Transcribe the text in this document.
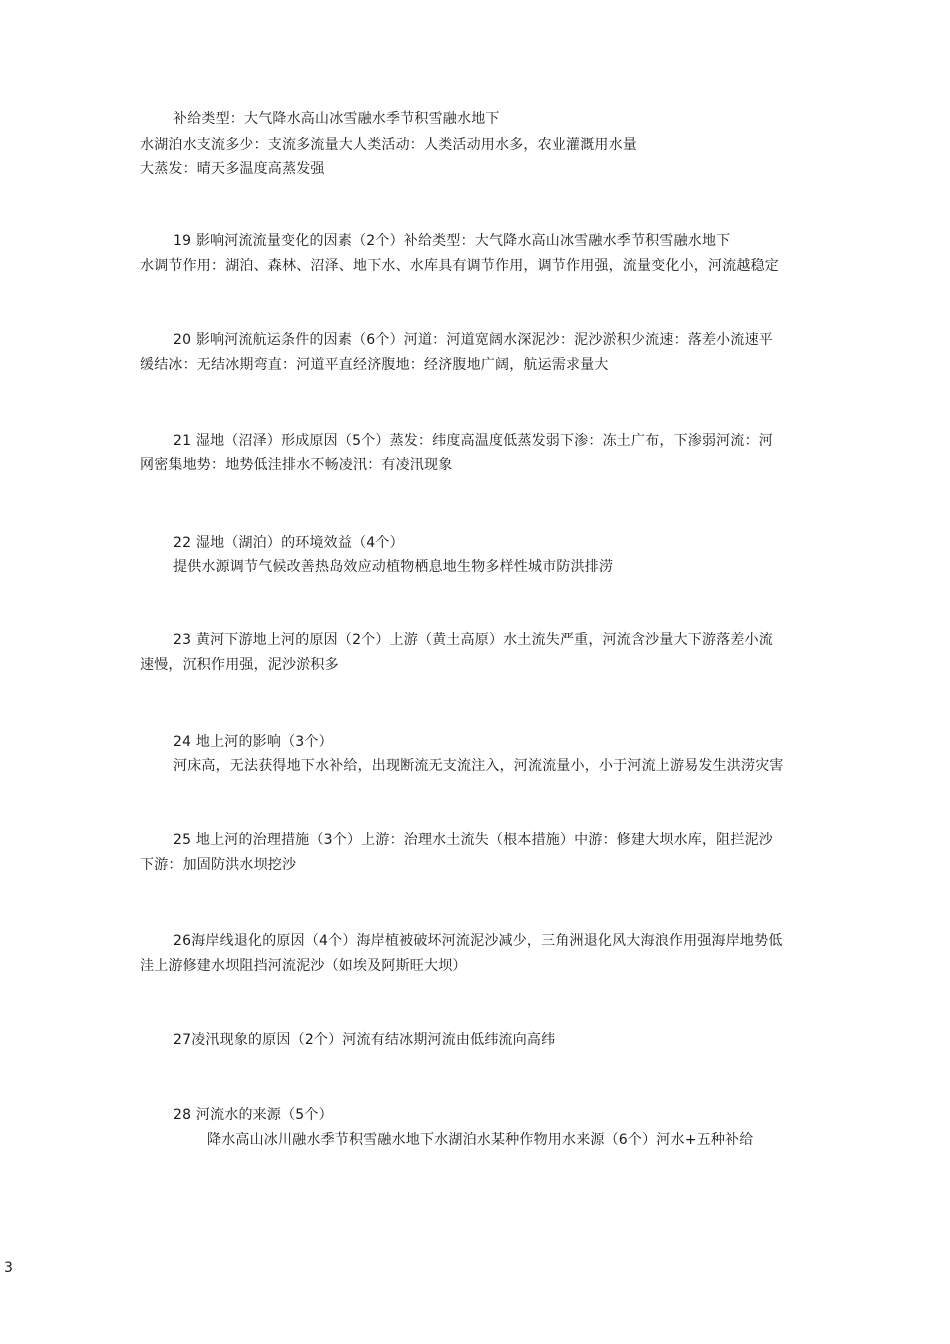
补给类型：大气降水高山冰雪融水季节积雪融水地下
水湖泊水支流多少：支流多流量大人类活动：人类活动用水多，农业灌溉用水量
大蒸发：晴天多温度高蒸发强
19 影响河流流量变化的因素（2个）补给类型：大气降水高山冰雪融水季节积雪融水地下
水调节作用：湖泊、森林、沼泽、地下水、水库具有调节作用，调节作用强，流量变化小，河流越稳定
20 影响河流航运条件的因素（6个）河道：河道宽阔水深泥沙：泥沙淤积少流速：落差小流速平
缓结冰：无结冰期弯直：河道平直经济腹地：经济腹地广阔，航运需求量大
21 湿地（沼泽）形成原因（5个）蒸发：纬度高温度低蒸发弱下渗：冻土广布，下渗弱河流：河
网密集地势：地势低洼排水不畅凌汛：有凌汛现象
22 湿地（湖泊）的环境效益（4个）
提供水源调节气候改善热岛效应动植物栖息地生物多样性城市防洪排涝
23 黄河下游地上河的原因（2个）上游（黄土高原）水土流失严重，河流含沙量大下游落差小流
速慢，沉积作用强，泥沙淤积多
24 地上河的影响（3个）
河床高，无法获得地下水补给，出现断流无支流注入，河流流量小，小于河流上游易发生洪涝灾害
25 地上河的治理措施（3个）上游：治理水土流失（根本措施）中游：修建大坝水库，阻拦泥沙
下游：加固防洪水坝挖沙
26海岸线退化的原因（4个）海岸植被破坏河流泥沙减少，三角洲退化风大海浪作用强海岸地势低
洼上游修建水坝阻挡河流泥沙（如埃及阿斯旺大坝）
27凌汛现象的原因（2个）河流有结冰期河流由低纬流向高纬
28 河流水的来源（5个）
降水高山冰川融水季节积雪融水地下水湖泊水某种作物用水来源（6个）河水+五种补给
3
